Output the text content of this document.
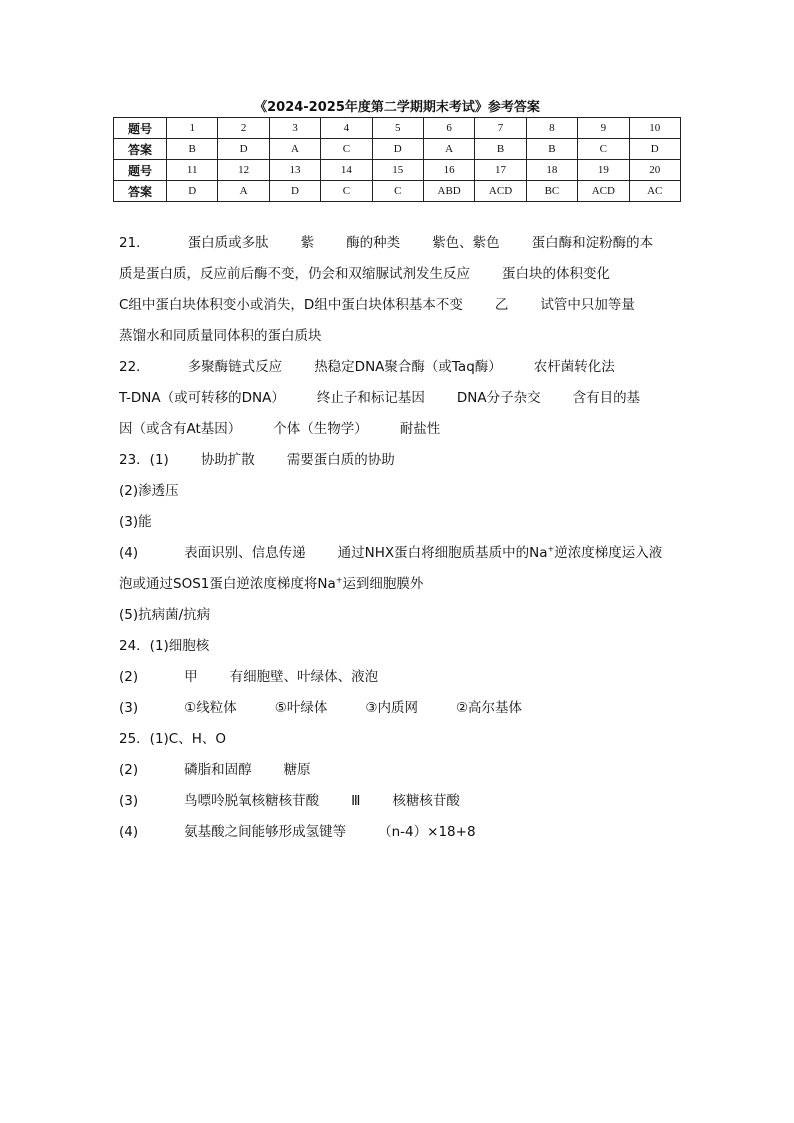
《2024-2025年度第二学期期末考试》参考答案
题号	1	2	3	4	5	6	7	8	9	10
答案	B	D	A	C	D	A	B	B	C	D
题号	11	12	13	14	15	16	17	18	19	20
答案	D	A	D	C	C	ABD	ACD	BC	ACD	AC
21．	蛋白质或多肽 紫 酶的种类 紫色、紫色 蛋白酶和淀粉酶的本
质是蛋白质，反应前后酶不变，仍会和双缩脲试剂发生反应 蛋白块的体积变化
C组中蛋白块体积变小或消失，D组中蛋白块体积基本不变 乙 试管中只加等量
蒸馏水和同质量同体积的蛋白质块
22．	多聚酶链式反应 热稳定DNA聚合酶（或Taq酶） 农杆菌转化法
T-DNA（或可转移的DNA） 终止子和标记基因 DNA分子杂交 含有目的基
因（或含有At基因） 个体（生物学） 耐盐性
23．(1) 协助扩散 需要蛋白质的协助
(2)渗透压
(3)能
(4)	表面识别、信息传递 通过NHX蛋白将细胞质基质中的Na+逆浓度梯度运入液
泡或通过SOS1蛋白逆浓度梯度将Na+运到细胞膜外
(5)抗病菌/抗病
24．(1)细胞核
(2)	甲 有细胞壁、叶绿体、液泡
(3)	①线粒体	⑤叶绿体	③内质网	②高尔基体
25．(1)C、H、O
(2)	磷脂和固醇 糖原
(3)	鸟嘌呤脱氧核糖核苷酸 Ⅲ 核糖核苷酸
(4)	氨基酸之间能够形成氢键等 （n-4）×18+8
